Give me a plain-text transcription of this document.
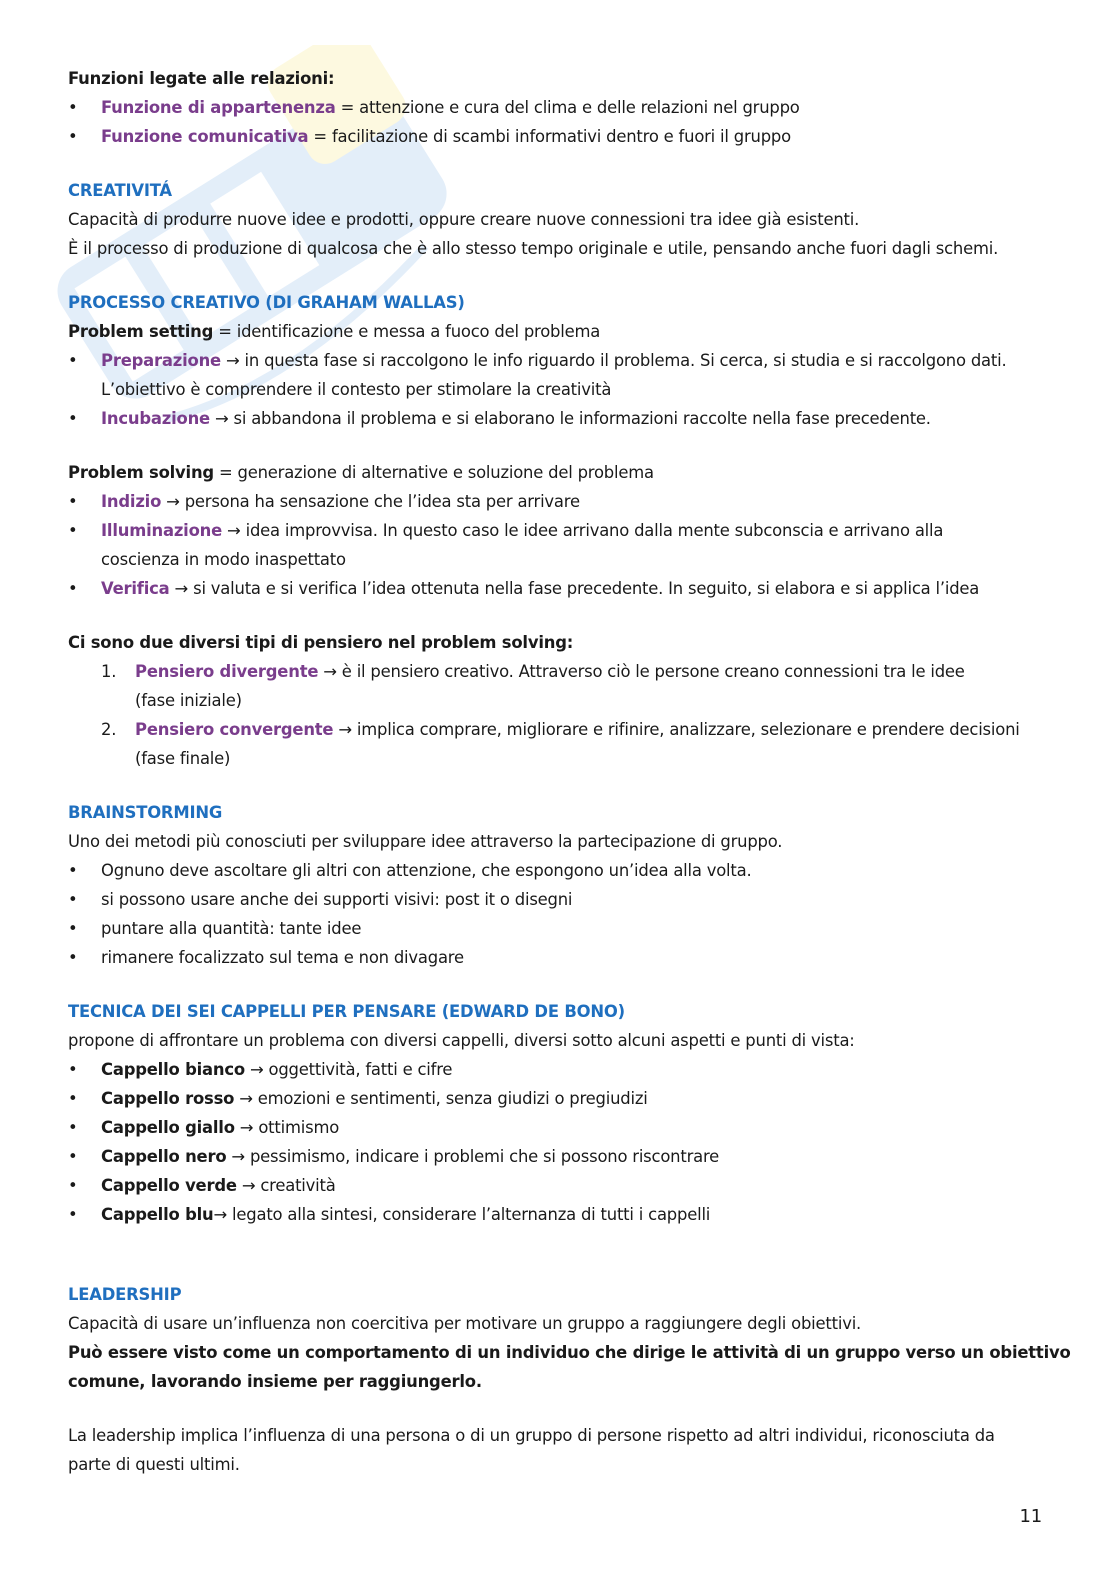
Funzioni legate alle relazioni:
• Funzione di appartenenza = attenzione e cura del clima e delle relazioni nel gruppo
• Funzione comunicativa = facilitazione di scambi informativi dentro e fuori il gruppo
CREATIVITÁ
Capacità di produrre nuove idee e prodotti, oppure creare nuove connessioni tra idee già esistenti.
È il processo di produzione di qualcosa che è allo stesso tempo originale e utile, pensando anche fuori dagli schemi.
PROCESSO CREATIVO (DI GRAHAM WALLAS)
Problem setting = identificazione e messa a fuoco del problema
• Preparazione → in questa fase si raccolgono le info riguardo il problema. Si cerca, si studia e si raccolgono dati.
L’obiettivo è comprendere il contesto per stimolare la creatività
• Incubazione → si abbandona il problema e si elaborano le informazioni raccolte nella fase precedente.
Problem solving = generazione di alternative e soluzione del problema
• Indizio → persona ha sensazione che l’idea sta per arrivare
• Illuminazione → idea improvvisa. In questo caso le idee arrivano dalla mente subconscia e arrivano alla
coscienza in modo inaspettato
• Verifica → si valuta e si verifica l’idea ottenuta nella fase precedente. In seguito, si elabora e si applica l’idea
Ci sono due diversi tipi di pensiero nel problem solving:
1. Pensiero divergente → è il pensiero creativo. Attraverso ciò le persone creano connessioni tra le idee
(fase iniziale)
2. Pensiero convergente → implica comprare, migliorare e rifinire, analizzare, selezionare e prendere decisioni
(fase finale)
BRAINSTORMING
Uno dei metodi più conosciuti per sviluppare idee attraverso la partecipazione di gruppo.
• Ognuno deve ascoltare gli altri con attenzione, che espongono un’idea alla volta.
• si possono usare anche dei supporti visivi: post it o disegni
• puntare alla quantità: tante idee
• rimanere focalizzato sul tema e non divagare
TECNICA DEI SEI CAPPELLI PER PENSARE (EDWARD DE BONO)
propone di affrontare un problema con diversi cappelli, diversi sotto alcuni aspetti e punti di vista:
• Cappello bianco → oggettività, fatti e cifre
• Cappello rosso → emozioni e sentimenti, senza giudizi o pregiudizi
• Cappello giallo → ottimismo
• Cappello nero → pessimismo, indicare i problemi che si possono riscontrare
• Cappello verde → creatività
• Cappello blu→ legato alla sintesi, considerare l’alternanza di tutti i cappelli
LEADERSHIP
Capacità di usare un’influenza non coercitiva per motivare un gruppo a raggiungere degli obiettivi.
Può essere visto come un comportamento di un individuo che dirige le attività di un gruppo verso un obiettivo
comune, lavorando insieme per raggiungerlo.
La leadership implica l’influenza di una persona o di un gruppo di persone rispetto ad altri individui, riconosciuta da
parte di questi ultimi.
11
